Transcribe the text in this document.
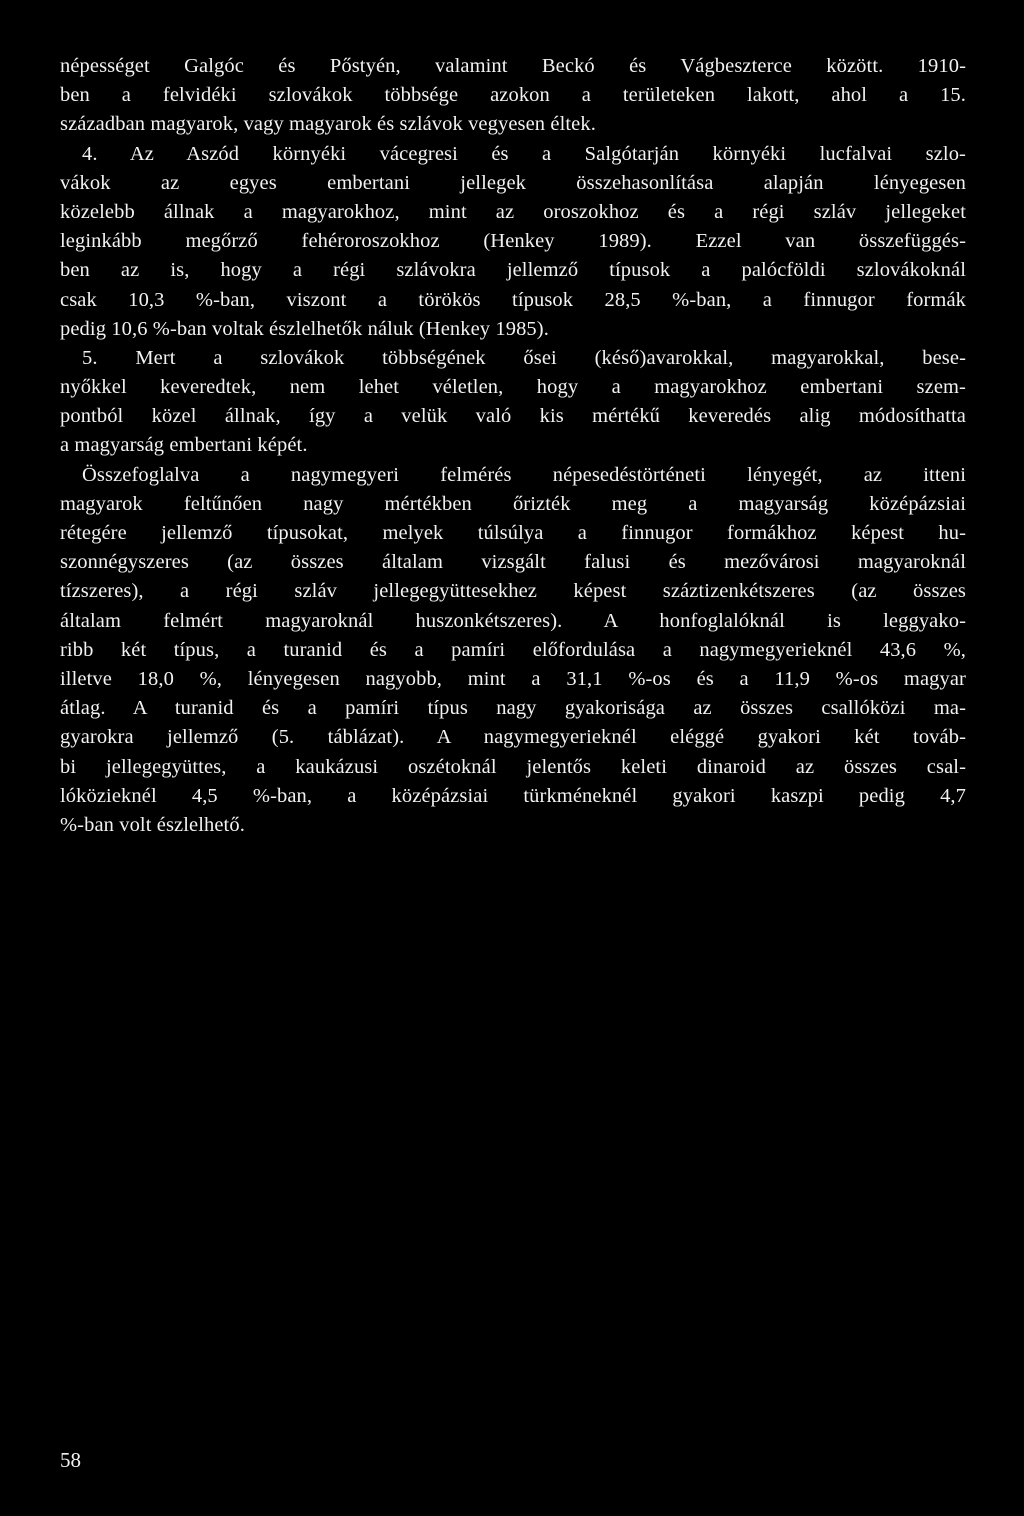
népességet Galgóc és Pőstyén, valamint Beckó és Vágbeszterce között. 1910-
ben a felvidéki szlovákok többsége azokon a területeken lakott, ahol a 15.
században magyarok, vagy magyarok és szlávok vegyesen éltek.
4. Az Aszód környéki vácegresi és a Salgótarján környéki lucfalvai szlo-
vákok az egyes embertani jellegek összehasonlítása alapján lényegesen
közelebb állnak a magyarokhoz, mint az oroszokhoz és a régi szláv jellegeket
leginkább megőrző fehéroroszokhoz (Henkey 1989). Ezzel van összefüggés-
ben az is, hogy a régi szlávokra jellemző típusok a palócföldi szlovákoknál
csak 10,3 %-ban, viszont a törökös típusok 28,5 %-ban, a finnugor formák
pedig 10,6 %-ban voltak észlelhetők náluk (Henkey 1985).
5. Mert a szlovákok többségének ősei (késő)avarokkal, magyarokkal, bese-
nyőkkel keveredtek, nem lehet véletlen, hogy a magyarokhoz embertani szem-
pontból közel állnak, így a velük való kis mértékű keveredés alig módosíthatta
a magyarság embertani képét.
Összefoglalva a nagymegyeri felmérés népesedéstörténeti lényegét, az itteni
magyarok feltűnően nagy mértékben őrizték meg a magyarság középázsiai
rétegére jellemző típusokat, melyek túlsúlya a finnugor formákhoz képest hu-
szonnégyszeres (az összes általam vizsgált falusi és mezővárosi magyaroknál
tízszeres), a régi szláv jellegegyüttesekhez képest száztizenkétszeres (az összes
általam felmért magyaroknál huszonkétszeres). A honfoglalóknál is leggyako-
ribb két típus, a turanid és a pamíri előfordulása a nagymegyerieknél 43,6 %,
illetve 18,0 %, lényegesen nagyobb, mint a 31,1 %-os és a 11,9 %-os magyar
átlag. A turanid és a pamíri típus nagy gyakorisága az összes csallóközi ma-
gyarokra jellemző (5. táblázat). A nagymegyerieknél eléggé gyakori két továb-
bi jellegegyüttes, a kaukázusi oszétoknál jelentős keleti dinaroid az összes csal-
lóközieknél 4,5 %-ban, a középázsiai türkméneknél gyakori kaszpi pedig 4,7
%-ban volt észlelhető.
58
